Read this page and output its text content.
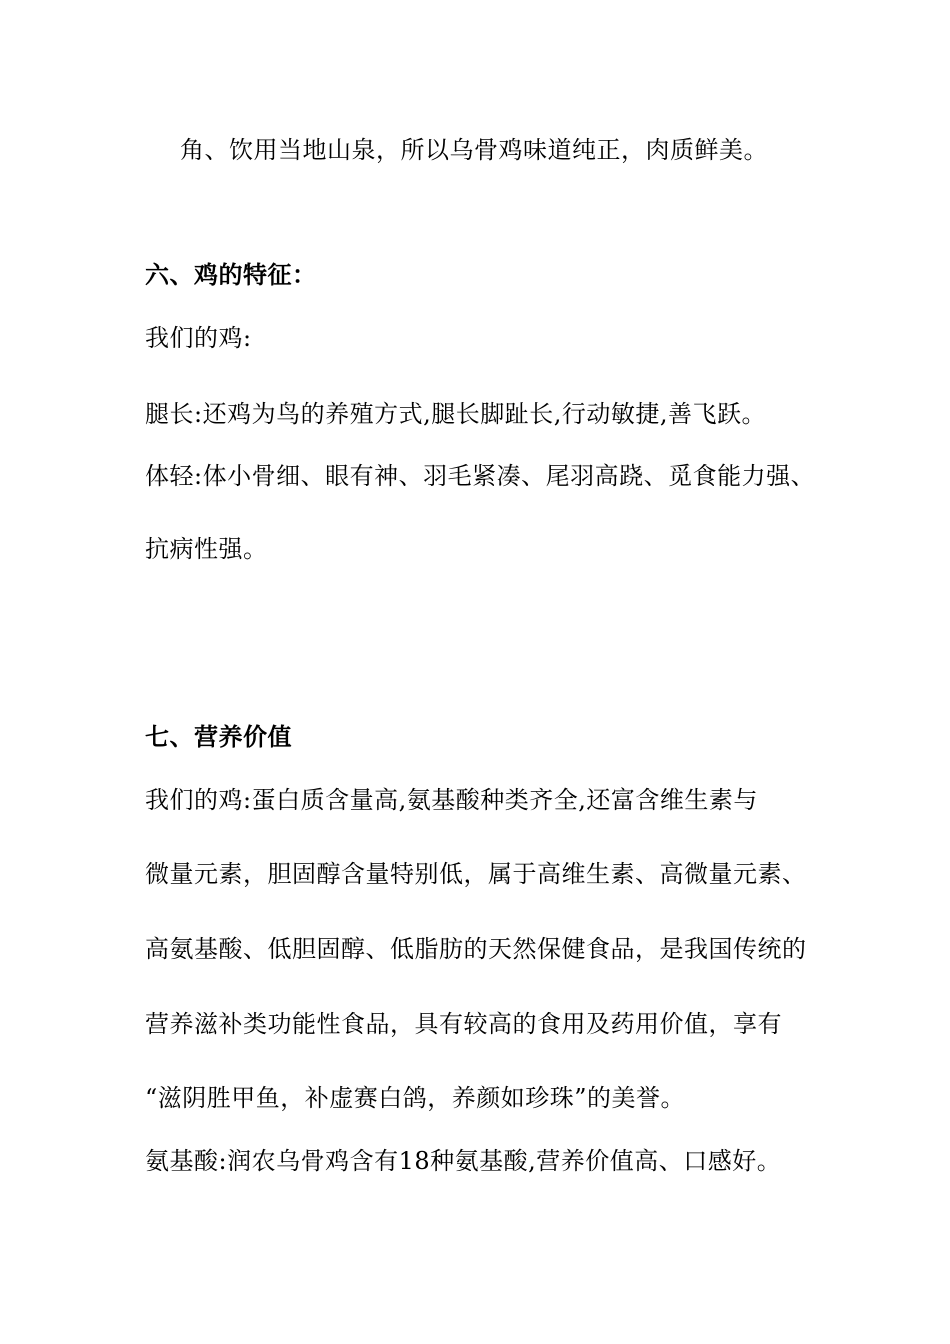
角、饮用当地山泉，所以乌骨鸡味道纯正，肉质鲜美。
六、鸡的特征：
我们的鸡:
腿长:还鸡为鸟的养殖方式,腿长脚趾长,行动敏捷,善飞跃。
体轻:体小骨细、眼有神、羽毛紧凑、尾羽高跷、觅食能力强、
抗病性强。
七、营养价值
我们的鸡:蛋白质含量高,氨基酸种类齐全,还富含维生素与
微量元素，胆固醇含量特别低，属于高维生素、高微量元素、
高氨基酸、低胆固醇、低脂肪的天然保健食品，是我国传统的
营养滋补类功能性食品，具有较高的食用及药用价值，享有
“滋阴胜甲鱼，补虚赛白鸽，养颜如珍珠”的美誉。
氨基酸:润农乌骨鸡含有18种氨基酸,营养价值高、口感好。
